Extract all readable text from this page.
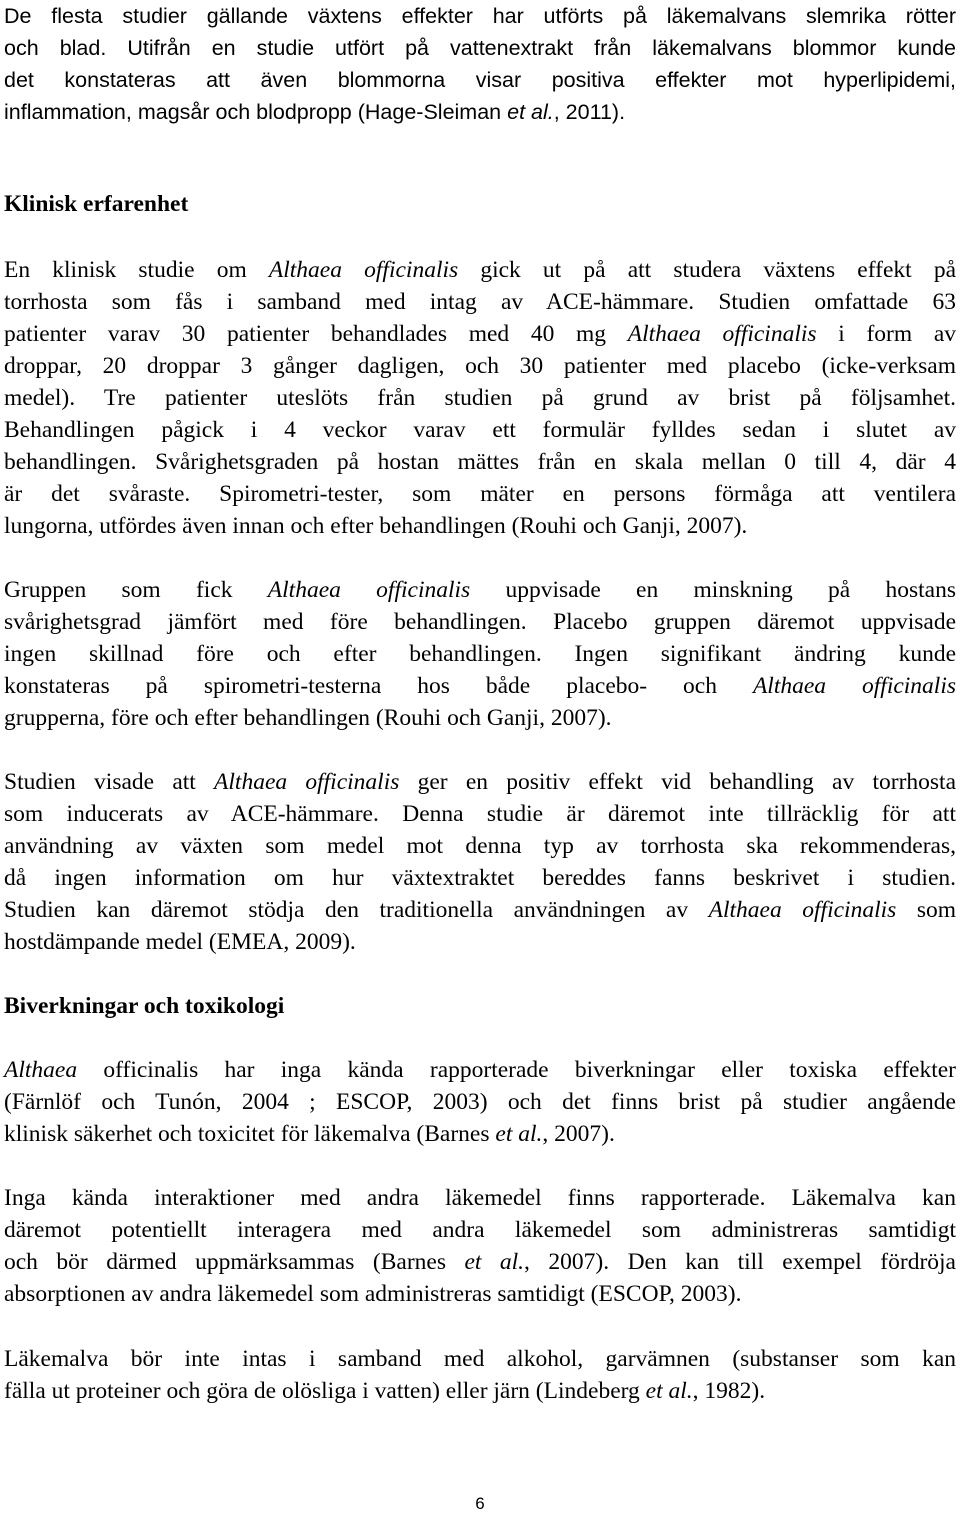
De flesta studier gällande växtens effekter har utförts på läkemalvans slemrika rötter
och blad. Utifrån en studie utfört på vattenextrakt från läkemalvans blommor kunde
det konstateras att även blommorna visar positiva effekter mot hyperlipidemi,
inflammation, magsår och blodpropp (Hage-Sleiman et al., 2011).
Klinisk erfarenhet
En klinisk studie om Althaea officinalis gick ut på att studera växtens effekt på
torrhosta som fås i samband med intag av ACE-hämmare. Studien omfattade 63
patienter varav 30 patienter behandlades med 40 mg Althaea officinalis i form av
droppar, 20 droppar 3 gånger dagligen, och 30 patienter med placebo (icke-verksam
medel). Tre patienter uteslöts från studien på grund av brist på följsamhet.
Behandlingen pågick i 4 veckor varav ett formulär fylldes sedan i slutet av
behandlingen. Svårighetsgraden på hostan mättes från en skala mellan 0 till 4, där 4
är det svåraste. Spirometri-tester, som mäter en persons förmåga att ventilera
lungorna, utfördes även innan och efter behandlingen (Rouhi och Ganji, 2007).
Gruppen som fick Althaea officinalis uppvisade en minskning på hostans
svårighetsgrad jämfört med före behandlingen. Placebo gruppen däremot uppvisade
ingen skillnad före och efter behandlingen. Ingen signifikant ändring kunde
konstateras på spirometri-testerna hos både placebo- och Althaea officinalis
grupperna, före och efter behandlingen (Rouhi och Ganji, 2007).
Studien visade att Althaea officinalis ger en positiv effekt vid behandling av torrhosta
som inducerats av ACE-hämmare. Denna studie är däremot inte tillräcklig för att
användning av växten som medel mot denna typ av torrhosta ska rekommenderas,
då ingen information om hur växtextraktet bereddes fanns beskrivet i studien.
Studien kan däremot stödja den traditionella användningen av Althaea officinalis som
hostdämpande medel (EMEA, 2009).
Biverkningar och toxikologi
Althaea officinalis har inga kända rapporterade biverkningar eller toxiska effekter
(Färnlöf och Tunón, 2004 ; ESCOP, 2003) och det finns brist på studier angående
klinisk säkerhet och toxicitet för läkemalva (Barnes et al., 2007).
Inga kända interaktioner med andra läkemedel finns rapporterade. Läkemalva kan
däremot potentiellt interagera med andra läkemedel som administreras samtidigt
och bör därmed uppmärksammas (Barnes et al., 2007). Den kan till exempel fördröja
absorptionen av andra läkemedel som administreras samtidigt (ESCOP, 2003).
Läkemalva bör inte intas i samband med alkohol, garvämnen (substanser som kan
fälla ut proteiner och göra de olösliga i vatten) eller järn (Lindeberg et al., 1982).
6
